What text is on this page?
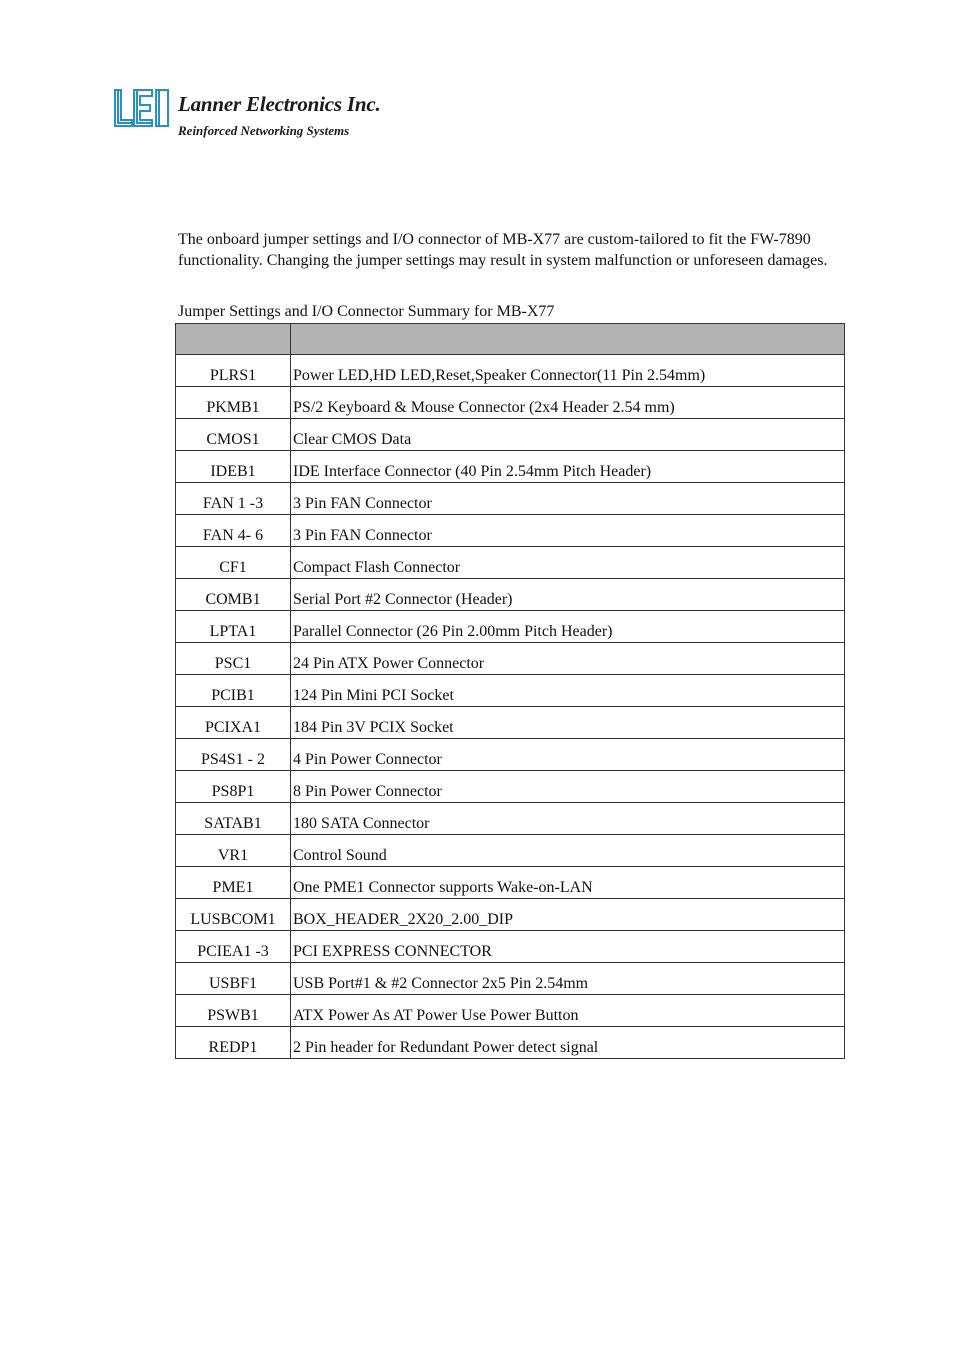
Lanner Electronics Inc.
Reinforced Networking Systems

The onboard jumper settings and I/O connector of MB-X77 are custom-tailored to fit the FW-7890 functionality. Changing the jumper settings may result in system malfunction or unforeseen damages.

Jumper Settings and I/O Connector Summary for MB-X77

PLRS1	Power LED,HD LED,Reset,Speaker Connector(11 Pin 2.54mm)
PKMB1	PS/2 Keyboard & Mouse Connector (2x4 Header 2.54 mm)
CMOS1	Clear CMOS Data
IDEB1	IDE Interface Connector (40 Pin 2.54mm Pitch Header)
FAN 1 -3	3 Pin FAN Connector
FAN 4- 6	3 Pin FAN Connector
CF1	Compact Flash Connector
COMB1	Serial Port #2 Connector (Header)
LPTA1	Parallel Connector (26 Pin 2.00mm Pitch Header)
PSC1	24 Pin ATX Power Connector
PCIB1	124 Pin Mini PCI Socket
PCIXA1	184 Pin 3V PCIX Socket
PS4S1 - 2	4 Pin Power Connector
PS8P1	8 Pin Power Connector
SATAB1	180 SATA Connector
VR1	Control Sound
PME1	One PME1 Connector supports Wake-on-LAN
LUSBCOM1	BOX_HEADER_2X20_2.00_DIP
PCIEA1 -3	PCI EXPRESS CONNECTOR
USBF1	USB Port#1 & #2 Connector 2x5 Pin 2.54mm
PSWB1	ATX Power As AT Power Use Power Button
REDP1	2 Pin header for Redundant Power detect signal
